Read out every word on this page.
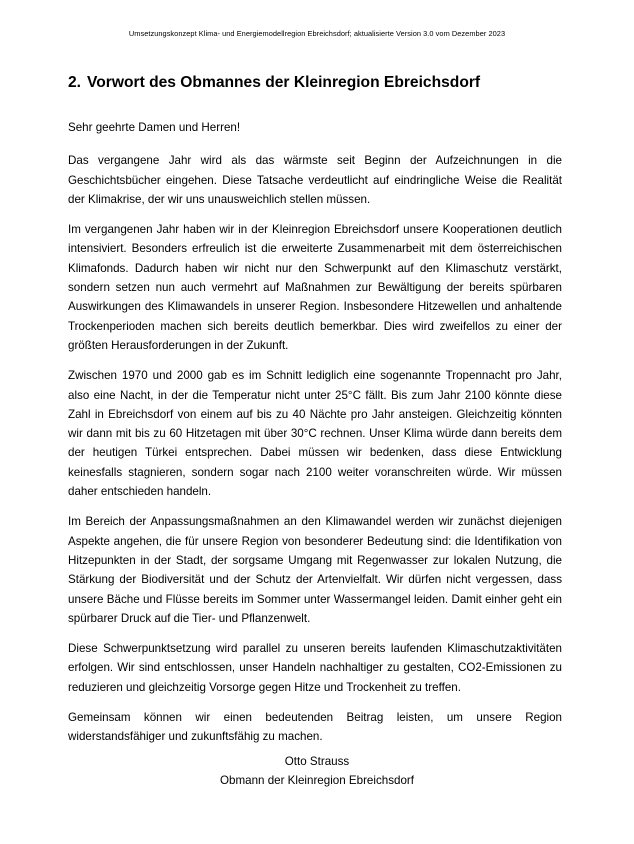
Umsetzungskonzept Klima- und Energiemodellregion Ebreichsdorf; aktualisierte Version 3.0 vom Dezember 2023
2. Vorwort des Obmannes der Kleinregion Ebreichsdorf

Sehr geehrte Damen und Herren!

Das vergangene Jahr wird als das wärmste seit Beginn der Aufzeichnungen in die Geschichtsbücher eingehen. Diese Tatsache verdeutlicht auf eindringliche Weise die Realität der Klimakrise, der wir uns unausweichlich stellen müssen.

Im vergangenen Jahr haben wir in der Kleinregion Ebreichsdorf unsere Kooperationen deutlich intensiviert. Besonders erfreulich ist die erweiterte Zusammenarbeit mit dem österreichischen Klimafonds. Dadurch haben wir nicht nur den Schwerpunkt auf den Klimaschutz verstärkt, sondern setzen nun auch vermehrt auf Maßnahmen zur Bewältigung der bereits spürbaren Auswirkungen des Klimawandels in unserer Region. Insbesondere Hitzewellen und anhaltende Trockenperioden machen sich bereits deutlich bemerkbar. Dies wird zweifellos zu einer der größten Herausforderungen in der Zukunft.

Zwischen 1970 und 2000 gab es im Schnitt lediglich eine sogenannte Tropennacht pro Jahr, also eine Nacht, in der die Temperatur nicht unter 25°C fällt. Bis zum Jahr 2100 könnte diese Zahl in Ebreichsdorf von einem auf bis zu 40 Nächte pro Jahr ansteigen. Gleichzeitig könnten wir dann mit bis zu 60 Hitzetagen mit über 30°C rechnen. Unser Klima würde dann bereits dem der heutigen Türkei entsprechen. Dabei müssen wir bedenken, dass diese Entwicklung keinesfalls stagnieren, sondern sogar nach 2100 weiter voranschreiten würde. Wir müssen daher entschieden handeln.

Im Bereich der Anpassungsmaßnahmen an den Klimawandel werden wir zunächst diejenigen Aspekte angehen, die für unsere Region von besonderer Bedeutung sind: die Identifikation von Hitzepunkten in der Stadt, der sorgsame Umgang mit Regenwasser zur lokalen Nutzung, die Stärkung der Biodiversität und der Schutz der Artenvielfalt. Wir dürfen nicht vergessen, dass unsere Bäche und Flüsse bereits im Sommer unter Wassermangel leiden. Damit einher geht ein spürbarer Druck auf die Tier- und Pflanzenwelt.

Diese Schwerpunktsetzung wird parallel zu unseren bereits laufenden Klimaschutzaktivitäten erfolgen. Wir sind entschlossen, unser Handeln nachhaltiger zu gestalten, CO2-Emissionen zu reduzieren und gleichzeitig Vorsorge gegen Hitze und Trockenheit zu treffen.

Gemeinsam können wir einen bedeutenden Beitrag leisten, um unsere Region widerstandsfähiger und zukunftsfähig zu machen.

Otto Strauss
Obmann der Kleinregion Ebreichsdorf
